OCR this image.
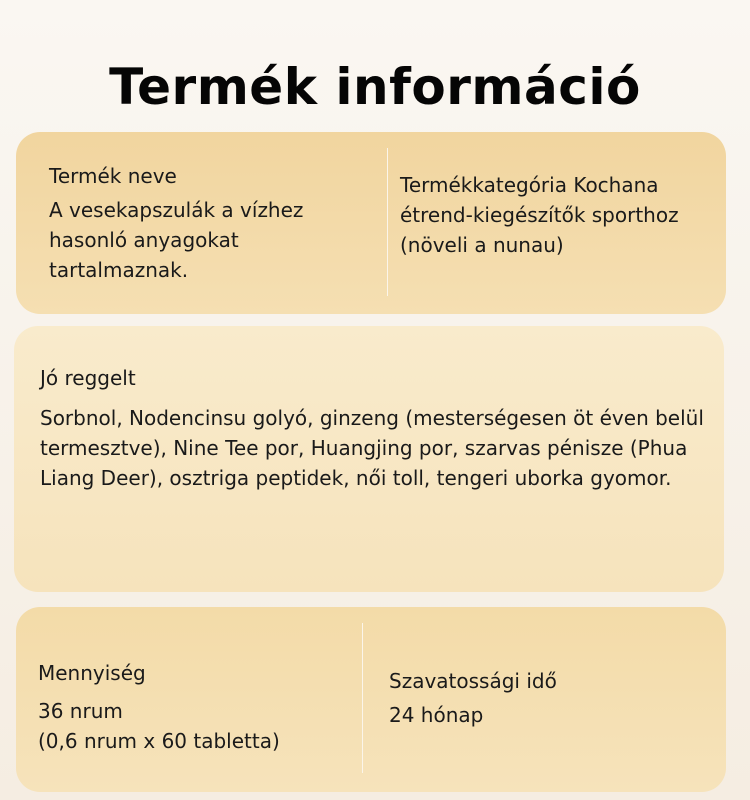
Termék információ

Termék neve

A vesekapszulák a vízhez hasonló anyagokat tartalmaznak.

Termékkategória Kochana étrend-kiegészítők sporthoz (növeli a nunau)

Jó reggelt

Sorbnol, Nodencinsu golyó, ginzeng (mesterségesen öt éven belül termesztve), Nine Tee por, Huangjing por, szarvas pénisze (Phua Liang Deer), osztriga peptidek, női toll, tengeri uborka gyomor.

Mennyiség

36 nrum
(0,6 nrum x 60 tabletta)

Szavatossági idő

24 hónap
